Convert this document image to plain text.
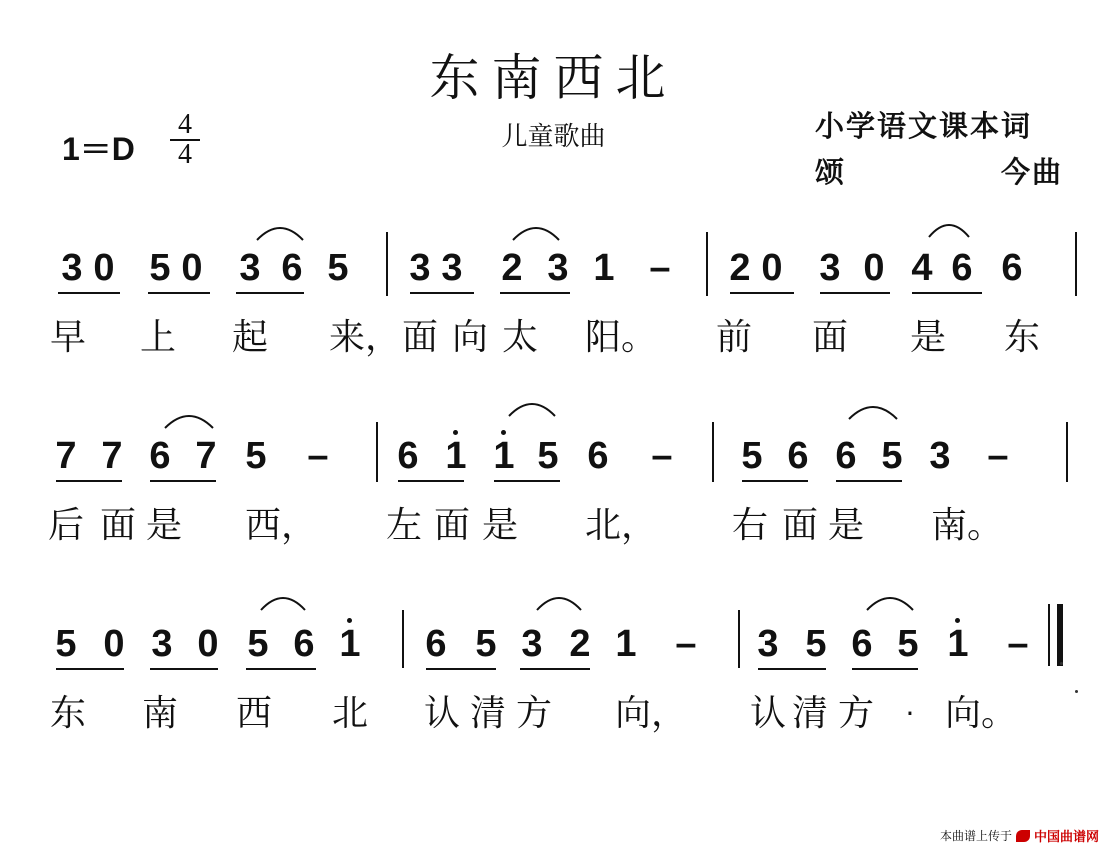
东南西北
儿童歌曲
1＝D
4
4
小学语文课本词
颂	今曲
3 0 5 0 3 6 5 3 3 2 3 1 – 2 0 3 0 4 6 6
早 上 起 来， 面 向 太 阳。 前 面 是 东
7 7 6 7 5 – 6 1 1 5 6 – 5 6 6 5 3 –
后 面 是 西， 左 面 是 北， 右 面 是 南。
5 0 3 0 5 6 1 6 5 3 2 1 – 3 5 6 5 1 –
东 南 西 北 认 清 方 向， 认 清 方	· 向。
本曲谱上传于 中国曲谱网
